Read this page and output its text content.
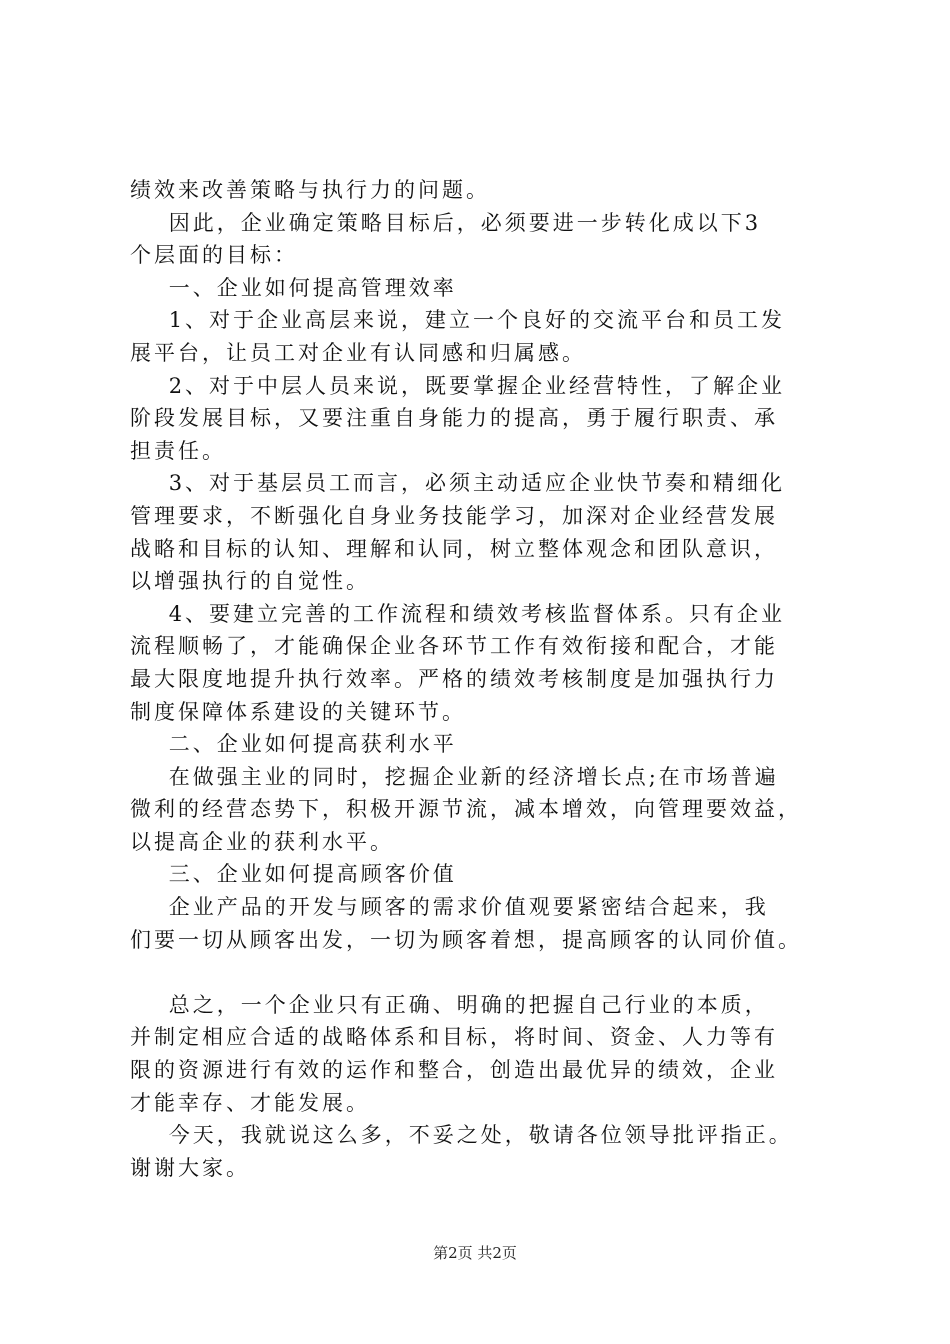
绩效来改善策略与执行力的问题。
因此，企业确定策略目标后，必须要进一步转化成以下3
个层面的目标：
一、企业如何提高管理效率
1、对于企业高层来说，建立一个良好的交流平台和员工发
展平台，让员工对企业有认同感和归属感。
2、对于中层人员来说，既要掌握企业经营特性，了解企业
阶段发展目标，又要注重自身能力的提高，勇于履行职责、承
担责任。
3、对于基层员工而言，必须主动适应企业快节奏和精细化
管理要求，不断强化自身业务技能学习，加深对企业经营发展
战略和目标的认知、理解和认同，树立整体观念和团队意识，
以增强执行的自觉性。
4、要建立完善的工作流程和绩效考核监督体系。只有企业
流程顺畅了，才能确保企业各环节工作有效衔接和配合，才能
最大限度地提升执行效率。严格的绩效考核制度是加强执行力
制度保障体系建设的关键环节。
二、企业如何提高获利水平
在做强主业的同时，挖掘企业新的经济增长点;在市场普遍
微利的经营态势下，积极开源节流，减本增效，向管理要效益，
以提高企业的获利水平。
三、企业如何提高顾客价值
企业产品的开发与顾客的需求价值观要紧密结合起来，我
们要一切从顾客出发，一切为顾客着想，提高顾客的认同价值。
总之，一个企业只有正确、明确的把握自己行业的本质，
并制定相应合适的战略体系和目标，将时间、资金、人力等有
限的资源进行有效的运作和整合，创造出最优异的绩效，企业
才能幸存、才能发展。
今天，我就说这么多，不妥之处，敬请各位领导批评指正。
谢谢大家。
第2页 共2页
